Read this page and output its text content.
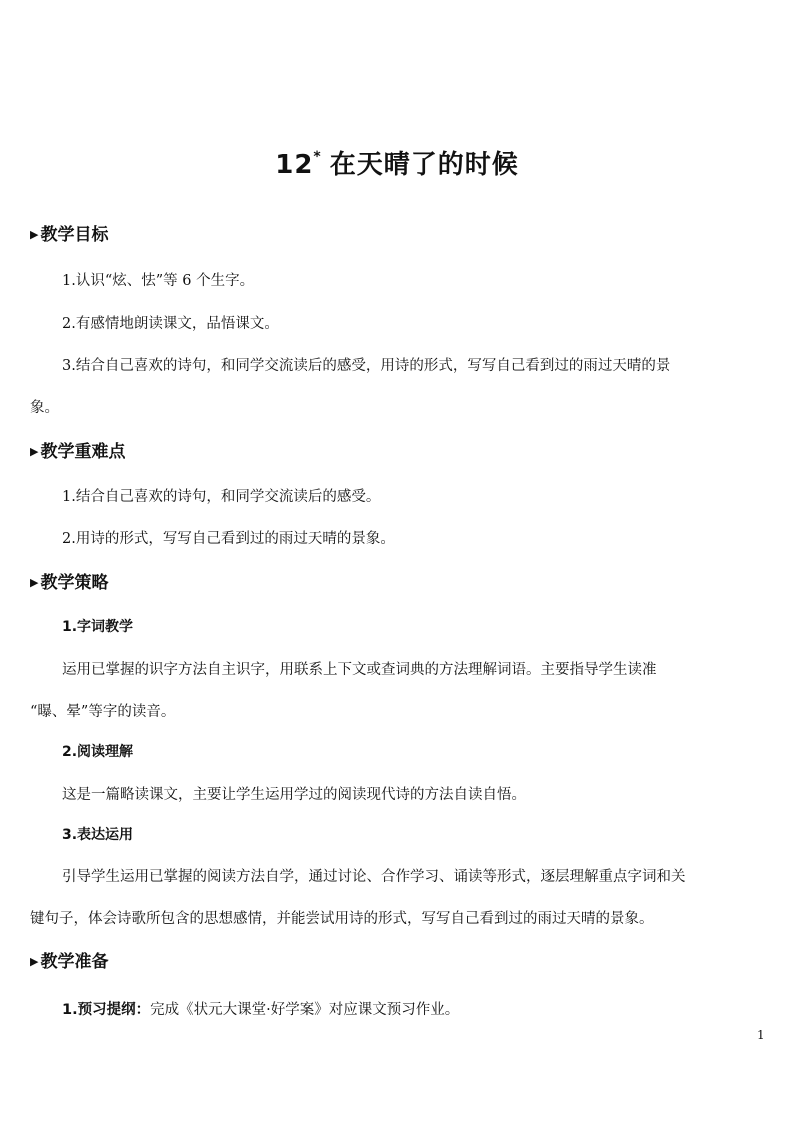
12* 在天晴了的时候
▶ 教学目标
1.认识“炫、怯”等 6 个生字。
2.有感情地朗读课文，品悟课文。
3.结合自己喜欢的诗句，和同学交流读后的感受，用诗的形式，写写自己看到过的雨过天晴的景
象。
▶ 教学重难点
1.结合自己喜欢的诗句，和同学交流读后的感受。
2.用诗的形式，写写自己看到过的雨过天晴的景象。
▶ 教学策略
1.字词教学
运用已掌握的识字方法自主识字，用联系上下文或查词典的方法理解词语。主要指导学生读准
“曝、晕”等字的读音。
2.阅读理解
这是一篇略读课文，主要让学生运用学过的阅读现代诗的方法自读自悟。
3.表达运用
引导学生运用已掌握的阅读方法自学，通过讨论、合作学习、诵读等形式，逐层理解重点字词和关
键句子，体会诗歌所包含的思想感情，并能尝试用诗的形式，写写自己看到过的雨过天晴的景象。
▶ 教学准备
1.预习提纲：完成《状元大课堂·好学案》对应课文预习作业。
1
